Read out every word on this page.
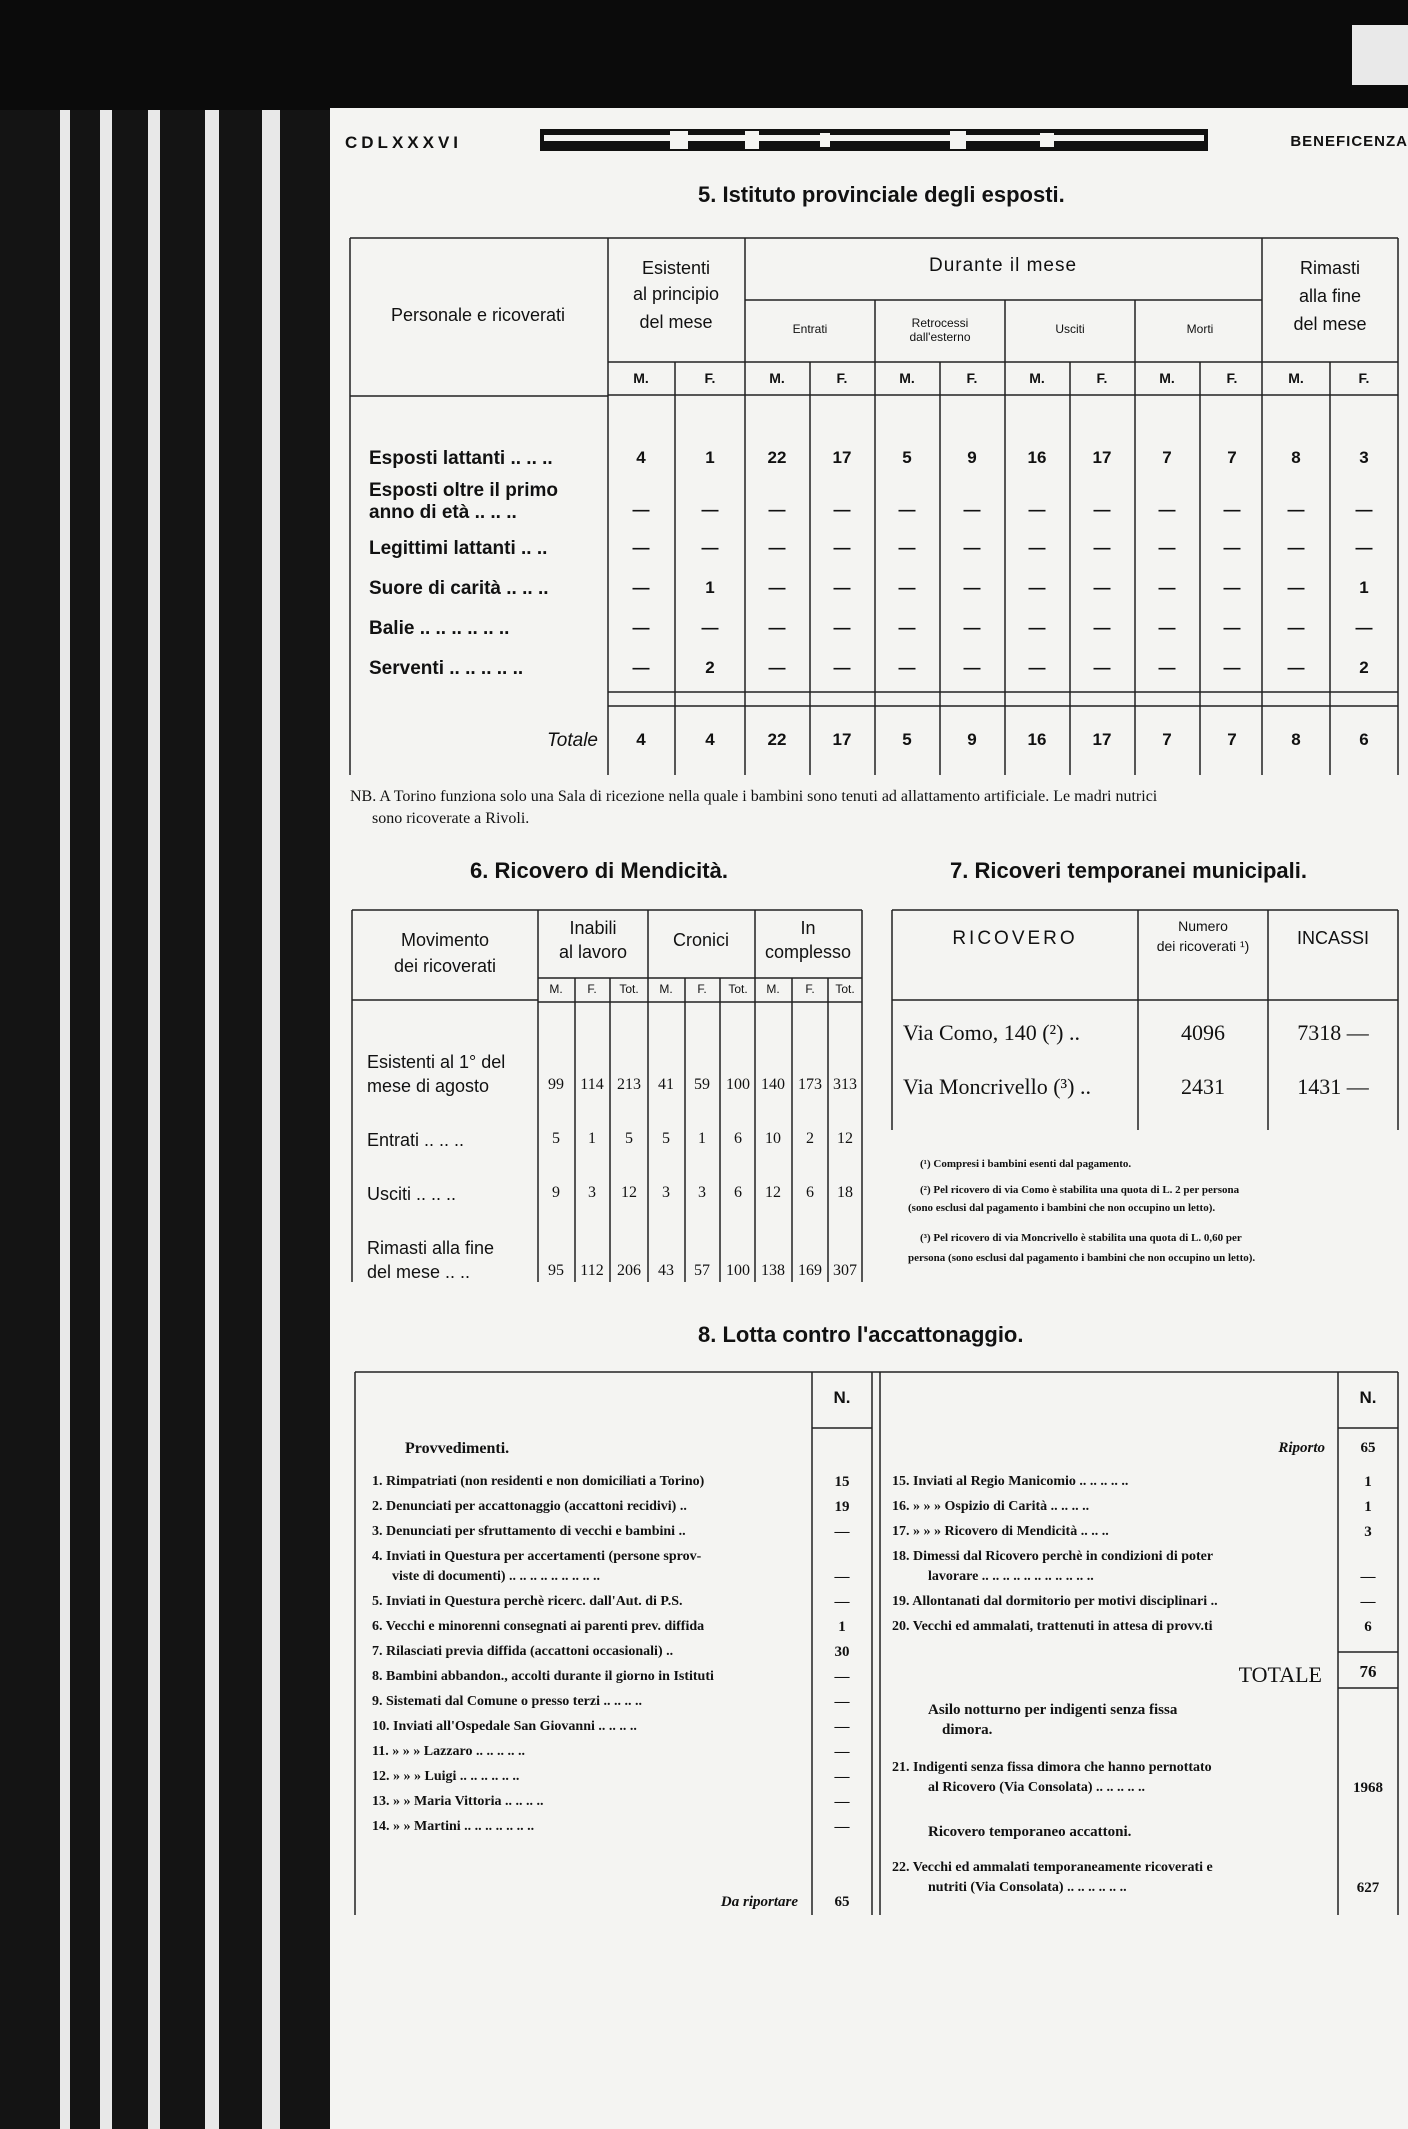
CDLXXXVI	BENEFICENZA
5. Istituto provinciale degli esposti.
Personale e ricoverati
Esistenti
al principio
del mese
Durante il mese	Rimasti
alla fine
del mese
Entrati	Retrocessi
dall'esterno
Usciti	Morti
M.	F.	M.	F.	M.	F.	M.	F.	M.	F.	M.	F.
Esposti lattanti .. .. ..	4	1	22	17	5	9	16	17	7	7	8	3
Esposti oltre il primo
anno di età .. .. ..	—	—	—	—	—	—	—	—	—	—	—	—
Legittimi lattanti .. ..	—	—	—	—	—	—	—	—	—	—	—	—
Suore di carità .. .. ..	—	1	—	—	—	—	—	—	—	—	—	1
Balie .. .. .. .. .. ..	—	—	—	—	—	—	—	—	—	—	—	—
Serventi .. .. .. .. ..	—	2	—	—	—	—	—	—	—	—	—	2
Totale 4	4	22	17	5	9	16	17	7	7	8	6
NB. A Torino funziona solo una Sala di ricezione nella quale i bambini sono tenuti ad allattamento artificiale. Le madri nutrici
sono ricoverate a Rivoli.
6. Ricovero di Mendicità.
Movimento
dei ricoverati
Inabili
al lavoro
Cronici
In
complesso
M. F. Tot. M. F. Tot. M. F. Tot.
Esistenti al 1° del
mese di agosto	99 114 213 41 59 100 140 173 313
Entrati .. .. ..	5 1 5 5 1 6 10 2 12
Usciti .. .. ..	9 3 12 3 3 6 12 6 18
Rimasti alla fine
del mese .. ..	95 112 206 43 57 100 138 169 307
7. Ricoveri temporanei municipali.
RICOVERO
Numero
dei ricoverati ¹)	INCASSI
Via Como, 140 (²) ..	4096	7318 —
Via Moncrivello (³) ..	2431	1431 —
(¹) Compresi i bambini esenti dal pagamento.
(²) Pel ricovero di via Como è stabilita una quota di L. 2 per persona
(sono esclusi dal pagamento i bambini che non occupino un letto).
(³) Pel ricovero di via Moncrivello è stabilita una quota di L. 0,60 per
persona (sono esclusi dal pagamento i bambini che non occupino un letto).
8. Lotta contro l'accattonaggio.
N.	N.
Provvedimenti.
1. Rimpatriati (non residenti e non domiciliati a Torino)	15
2. Denunciati per accattonaggio (accattoni recidivi) ..	19
3. Denunciati per sfruttamento di vecchi e bambini ..	—
4. Inviati in Questura per accertamenti (persone sprov-
viste di documenti) .. .. .. .. .. .. .. .. ..	—
5. Inviati in Questura perchè ricerc. dall'Aut. di P.S.	—
6. Vecchi e minorenni consegnati ai parenti prev. diffida	1
7. Rilasciati previa diffida (accattoni occasionali) ..	30
8. Bambini abbandon., accolti durante il giorno in Istituti	—
9. Sistemati dal Comune o presso terzi .. .. .. ..	—
10. Inviati all'Ospedale San Giovanni .. .. .. ..	—
11. » » » Lazzaro .. .. .. .. ..	—
12. » » » Luigi .. .. .. .. .. ..	—
13. » » Maria Vittoria .. .. .. ..	—
14. » » Martini .. .. .. .. .. .. ..	—
Da riportare 65
Riporto 65
15. Inviati al Regio Manicomio .. .. .. .. ..	1
16. » » » Ospizio di Carità .. .. .. ..	1
17. » » » Ricovero di Mendicità .. .. ..	3
18. Dimessi dal Ricovero perchè in condizioni di poter
lavorare .. .. .. .. .. .. .. .. .. .. ..	—
19. Allontanati dal dormitorio per motivi disciplinari ..	—
20. Vecchi ed ammalati, trattenuti in attesa di provv.ti	6
TOTALE 76
Asilo notturno per indigenti senza fissa
dimora.
21. Indigenti senza fissa dimora che hanno pernottato
al Ricovero (Via Consolata) .. .. .. .. ..	1968
Ricovero temporaneo accattoni.
22. Vecchi ed ammalati temporaneamente ricoverati e
nutriti (Via Consolata) .. .. .. .. .. ..	627
